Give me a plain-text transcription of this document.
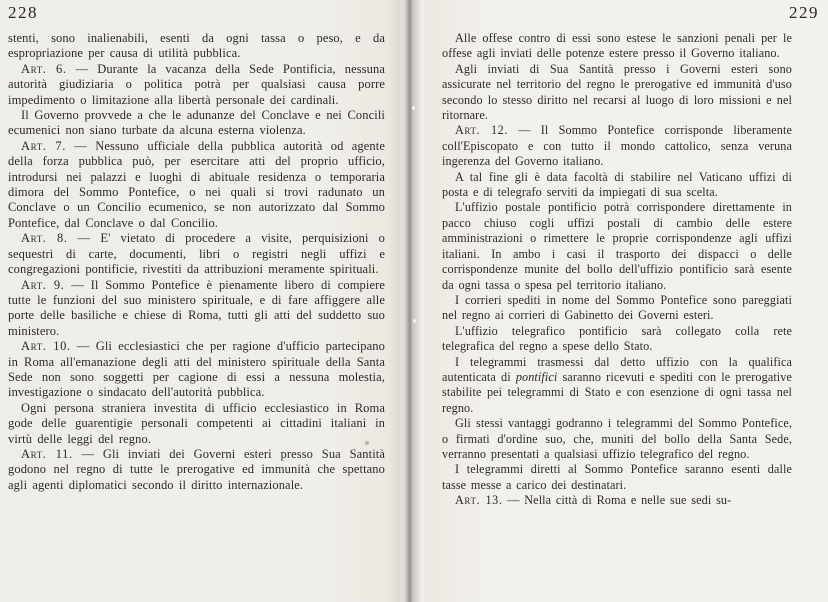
228

stenti, sono inalienabili, esenti da ogni tassa o peso, e da espropriazione per causa di utilità pubblica.

Art. 6. — Durante la vacanza della Sede Pontificia, nessuna autorità giudiziaria o politica potrà per qualsiasi causa porre impedimento o limitazione alla libertà personale dei cardinali.

Il Governo provvede a che le adunanze del Conclave e nei Concili ecumenici non siano turbate da alcuna esterna violenza.

Art. 7. — Nessuno ufficiale della pubblica autorità od agente della forza pubblica può, per esercitare atti del proprio ufficio, introdursi nei palazzi e luoghi di abituale residenza o temporaria dimora del Sommo Pontefice, o nei quali si trovi radunato un Conclave o un Concilio ecumenico, se non autorizzato dal Sommo Pontefice, dal Conclave o dal Concilio.

Art. 8. — E' vietato di procedere a visite, perquisizioni o sequestri di carte, documenti, libri o registri negli uffizi e congregazioni pontificie, rivestiti da attribuzioni meramente spirituali.

Art. 9. — Il Sommo Pontefice è pienamente libero di compiere tutte le funzioni del suo ministero spirituale, e di fare affiggere alle porte delle basiliche e chiese di Roma, tutti gli atti del suddetto suo ministero.

Art. 10. — Gli ecclesiastici che per ragione d'ufficio partecipano in Roma all'emanazione degli atti del ministero spirituale della Santa Sede non sono soggetti per cagione di essi a nessuna molestia, investigazione o sindacato dell'autorità pubblica.

Ogni persona straniera investita di ufficio ecclesiastico in Roma gode delle guarentigie personali competenti ai cittadini italiani in virtù delle leggi del regno.

Art. 11. — Gli inviati dei Governi esteri presso Sua Santità godono nel regno di tutte le prerogative ed immunità che spettano agli agenti diplomatici secondo il diritto internazionale.

229

Alle offese contro di essi sono estese le sanzioni penali per le offese agli inviati delle potenze estere presso il Governo italiano.

Agli inviati di Sua Santità presso i Governi esteri sono assicurate nel territorio del regno le prerogative ed immunità d'uso secondo lo stesso diritto nel recarsi al luogo di loro missioni e nel ritornare.

Art. 12. — Il Sommo Pontefice corrisponde liberamente coll'Episcopato e con tutto il mondo cattolico, senza veruna ingerenza del Governo italiano.

A tal fine gli è data facoltà di stabilire nel Vaticano uffizi di posta e di telegrafo serviti da impiegati di sua scelta.

L'uffizio postale pontificio potrà corrispondere direttamente in pacco chiuso cogli uffizi postali di cambio delle estere amministrazioni o rimettere le proprie corrispondenze agli uffizi italiani. In ambo i casi il trasporto dei dispacci o delle corrispondenze munite del bollo dell'uffizio pontificio sarà esente da ogni tassa o spesa pel territorio italiano.

I corrieri spediti in nome del Sommo Pontefice sono pareggiati nel regno ai corrieri di Gabinetto dei Governi esteri.

L'uffizio telegrafico pontificio sarà collegato colla rete telegrafica del regno a spese dello Stato.

I telegrammi trasmessi dal detto uffizio con la qualifica autenticata di pontifici saranno ricevuti e spediti con le prerogative stabilite pei telegrammi di Stato e con esenzione di ogni tassa nel regno.

Gli stessi vantaggi godranno i telegrammi del Sommo Pontefice, o firmati d'ordine suo, che, muniti del bollo della Santa Sede, verranno presentati a qualsiasi uffizio telegrafico del regno.

I telegrammi diretti al Sommo Pontefice saranno esenti dalle tasse messe a carico dei destinatari.

Art. 13. — Nella città di Roma e nelle sue sedi su-
